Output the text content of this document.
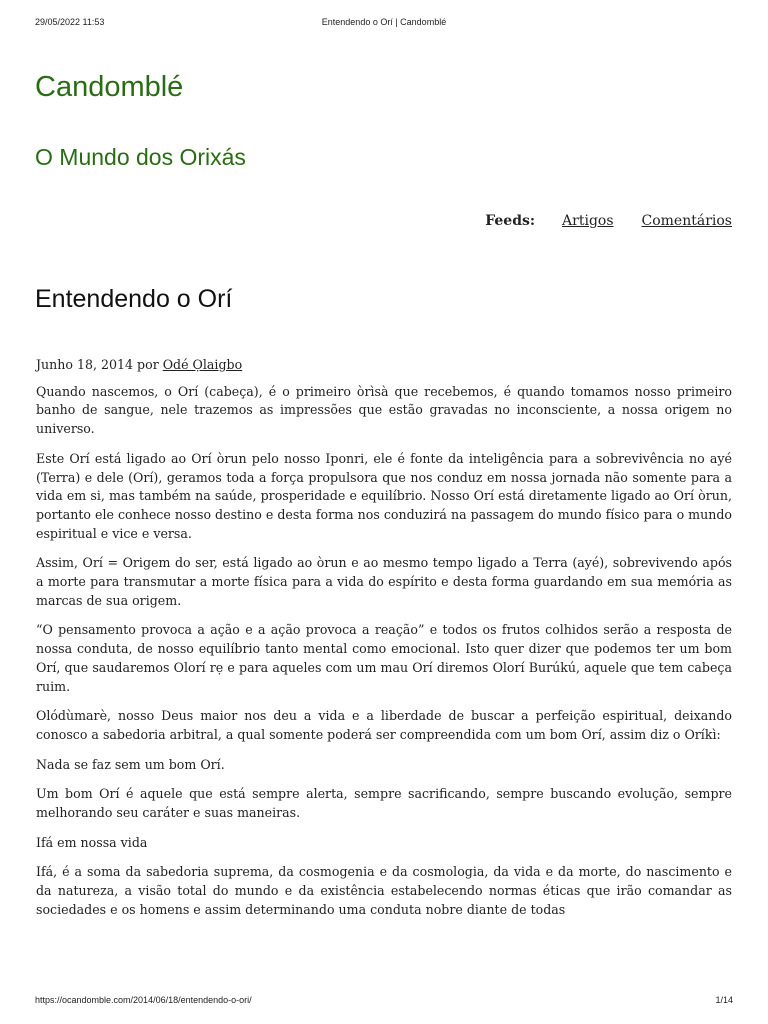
29/05/2022 11:53	Entendendo o Orí | Candomblé
Candomblé
O Mundo dos Orixás
Feeds: Artigos Comentários
Entendendo o Orí
Junho 18, 2014 por Odé Ọlaigbo

Quando nascemos, o Orí (cabeça), é o primeiro òrìsà que recebemos, é quando tomamos nosso primeiro banho de sangue, nele trazemos as impressões que estão gravadas no inconsciente, a nossa origem no universo.

Este Orí está ligado ao Orí òrun pelo nosso Iponri, ele é fonte da inteligência para a sobrevivência no ayé (Terra) e dele (Orí), geramos toda a força propulsora que nos conduz em nossa jornada não somente para a vida em si, mas também na saúde, prosperidade e equilíbrio. Nosso Orí está diretamente ligado ao Orí òrun, portanto ele conhece nosso destino e desta forma nos conduzirá na passagem do mundo físico para o mundo espiritual e vice e versa.

Assim, Orí = Origem do ser, está ligado ao òrun e ao mesmo tempo ligado a Terra (ayé), sobrevivendo após a morte para transmutar a morte física para a vida do espírito e desta forma guardando em sua memória as marcas de sua origem.

“O pensamento provoca a ação e a ação provoca a reação” e todos os frutos colhidos serão a resposta de nossa conduta, de nosso equilíbrio tanto mental como emocional. Isto quer dizer que podemos ter um bom Orí, que saudaremos Olorí rẹ e para aqueles com um mau Orí diremos Olorí Burúkú, aquele que tem cabeça ruim.

Olódùmarè, nosso Deus maior nos deu a vida e a liberdade de buscar a perfeição espiritual, deixando conosco a sabedoria arbitral, a qual somente poderá ser compreendida com um bom Orí, assim diz o Oríkì:

Nada se faz sem um bom Orí.

Um bom Orí é aquele que está sempre alerta, sempre sacrificando, sempre buscando evolução, sempre melhorando seu caráter e suas maneiras.

Ifá em nossa vida

Ifá, é a soma da sabedoria suprema, da cosmogenia e da cosmologia, da vida e da morte, do nascimento e da natureza, a visão total do mundo e da existência estabelecendo normas éticas que irão comandar as sociedades e os homens e assim determinando uma conduta nobre diante de todas

https://ocandomble.com/2014/06/18/entendendo-o-ori/	1/14
